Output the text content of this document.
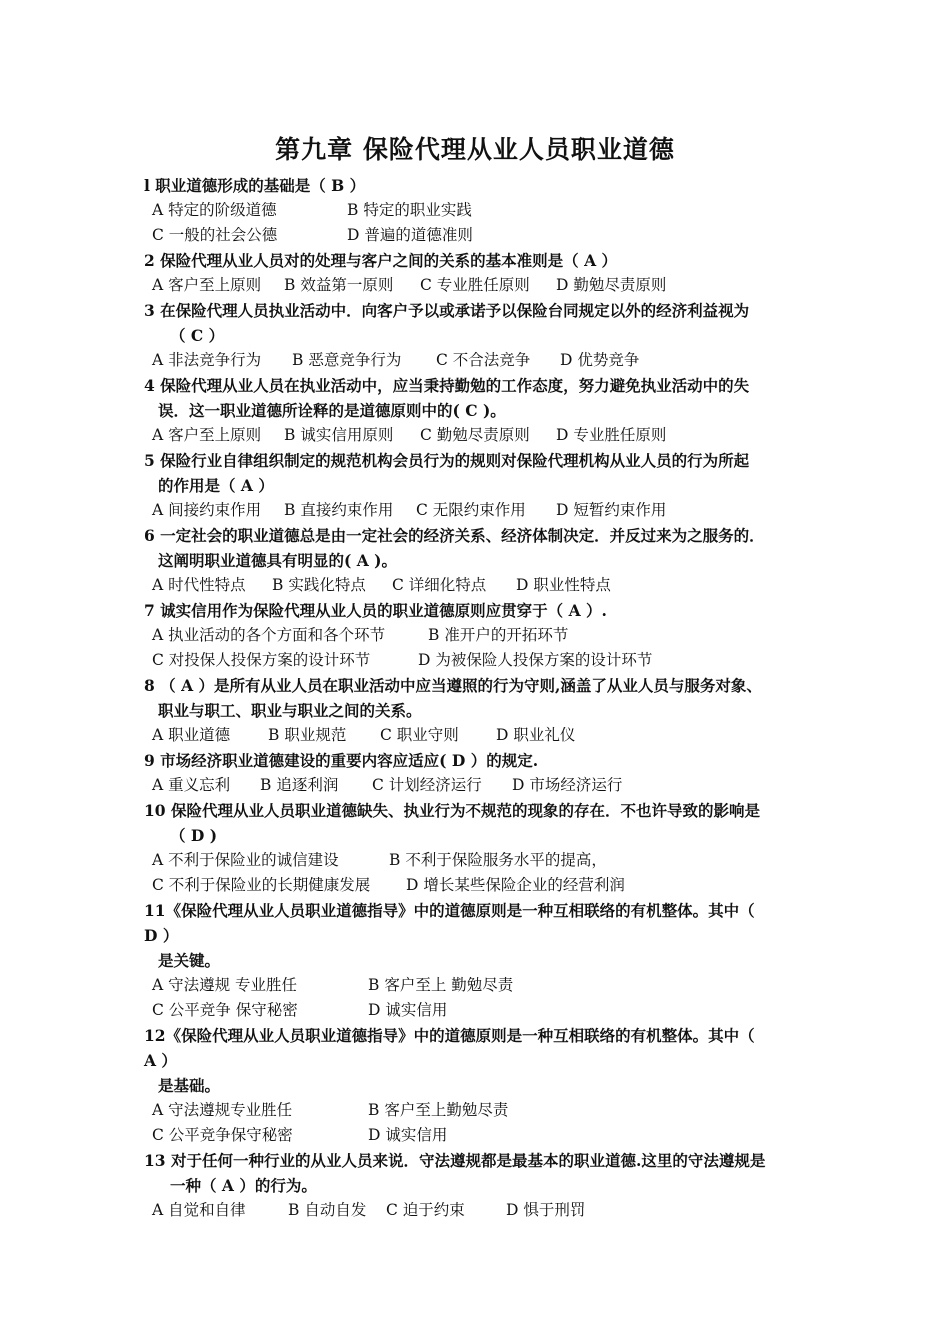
第九章 保险代理从业人员职业道德
l 职业道德形成的基础是（ B ）
A 特定的阶级道德	B 特定的职业实践
C 一般的社会公德	D 普遍的道德准则
2 保险代理从业人员对的处理与客户之间的关系的基本准则是（ A ）
A 客户至上原则 B 效益第一原则 C 专业胜任原则 D 勤勉尽责原则
3 在保险代理人员执业活动中．向客户予以或承诺予以保险台同规定以外的经济利益视为
（ C ）
A 非法竞争行为 B 恶意竞争行为 C 不合法竞争 D 优势竞争
4 保险代理从业人员在执业活动中，应当秉持勤勉的工作态度，努力避免执业活动中的失
误．这一职业道德所诠释的是道德原则中的( C )。
A 客户至上原则 B 诚实信用原则 C 勤勉尽责原则 D 专业胜任原则
5 保险行业自律组织制定的规范机构会员行为的规则对保险代理机构从业人员的行为所起
的作用是（ A ）
A 间接约束作用 B 直接约束作用 C 无限约束作用 D 短暂约束作用
6 一定社会的职业道德总是由一定社会的经济关系、经济体制决定．并反过来为之服务的．
这阐明职业道德具有明显的( A )。
A 时代性特点 B 实践化特点 C 详细化特点 D 职业性特点
7 诚实信用作为保险代理从业人员的职业道德原则应贯穿于（ A ）.
A 执业活动的各个方面和各个环节	B 准开户的开拓环节
C 对投保人投保方案的设计环节	D 为被保险人投保方案的设计环节
8 （ A ）是所有从业人员在职业活动中应当遵照的行为守则,涵盖了从业人员与服务对象、
职业与职工、职业与职业之间的关系。
A 职业道德 B 职业规范 C 职业守则 D 职业礼仪
9 市场经济职业道德建设的重要内容应适应( D ）的规定.
A 重义忘利 B 追逐利润 C 计划经济运行 D 市场经济运行
10 保险代理从业人员职业道德缺失、执业行为不规范的现象的存在．不也许导致的影响是
（ D )
A 不利于保险业的诚信建设	B 不利于保险服务水平的提高，
C 不利于保险业的长期健康发展 D 增长某些保险企业的经营利润
11《保险代理从业人员职业道德指导》中的道德原则是一种互相联络的有机整体。其中（
D ）
是关键。
A 守法遵规 专业胜任	B 客户至上 勤勉尽责
C 公平竞争 保守秘密	D 诚实信用
12《保险代理从业人员职业道德指导》中的道德原则是一种互相联络的有机整体。其中（
A ）
是基础。
A 守法遵规专业胜任	B 客户至上勤勉尽责
C 公平竞争保守秘密	D 诚实信用
13 对于任何一种行业的从业人员来说．守法遵规都是最基本的职业道德.这里的守法遵规是
一种（ A ）的行为。
A 自觉和自律	B 自动自发 C 迫于约束	D 惧于刑罚
